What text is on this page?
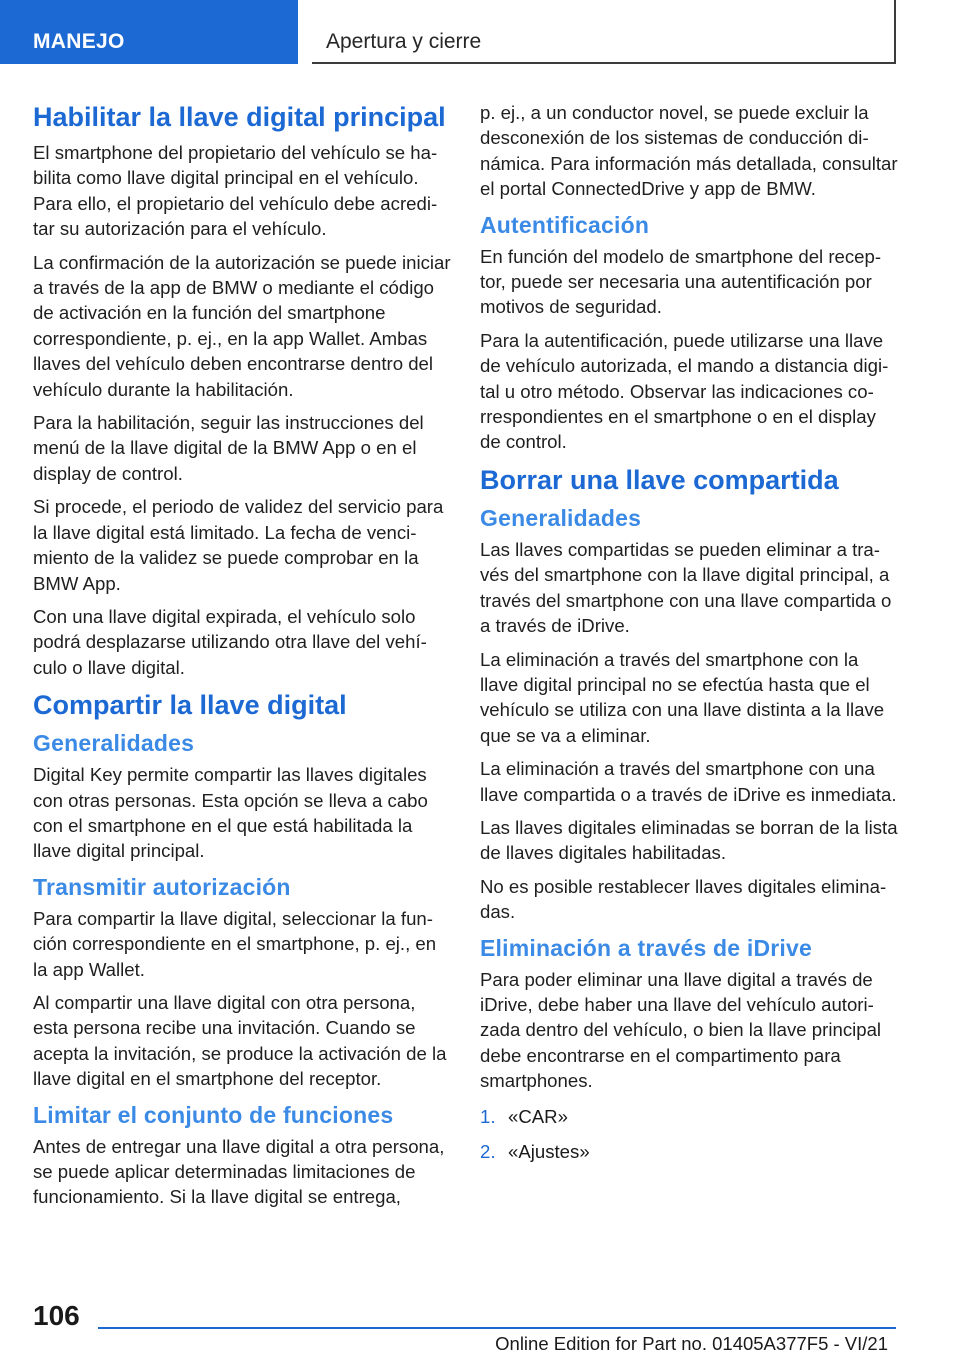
MANEJO	Apertura y cierre
Habilitar la llave digital principal

El smartphone del propietario del vehículo se habilita como llave digital principal en el vehículo. Para ello, el propietario del vehículo debe acreditar su autorización para el vehículo.

La confirmación de la autorización se puede iniciar a través de la app de BMW o mediante el código de activación en la función del smartphone correspondiente, p. ej., en la app Wallet. Ambas llaves del vehículo deben encontrarse dentro del vehículo durante la habilitación.

Para la habilitación, seguir las instrucciones del menú de la llave digital de la BMW App o en el display de control.

Si procede, el periodo de validez del servicio para la llave digital está limitado. La fecha de vencimiento de la validez se puede comprobar en la BMW App.

Con una llave digital expirada, el vehículo solo podrá desplazarse utilizando otra llave del vehículo o llave digital.

Compartir la llave digital
Generalidades

Digital Key permite compartir las llaves digitales con otras personas. Esta opción se lleva a cabo con el smartphone en el que está habilitada la llave digital principal.

Transmitir autorización

Para compartir la llave digital, seleccionar la función correspondiente en el smartphone, p. ej., en la app Wallet.

Al compartir una llave digital con otra persona, esta persona recibe una invitación. Cuando se acepta la invitación, se produce la activación de la llave digital en el smartphone del receptor.

Limitar el conjunto de funciones

Antes de entregar una llave digital a otra persona, se puede aplicar determinadas limitaciones de funcionamiento. Si la llave digital se entrega,

p. ej., a un conductor novel, se puede excluir la desconexión de los sistemas de conducción dinámica. Para información más detallada, consultar el portal ConnectedDrive y app de BMW.

Autentificación

En función del modelo de smartphone del receptor, puede ser necesaria una autentificación por motivos de seguridad.

Para la autentificación, puede utilizarse una llave de vehículo autorizada, el mando a distancia digital u otro método. Observar las indicaciones correspondientes en el smartphone o en el display de control.

Borrar una llave compartida
Generalidades

Las llaves compartidas se pueden eliminar a través del smartphone con la llave digital principal, a través del smartphone con una llave compartida o a través de iDrive.

La eliminación a través del smartphone con la llave digital principal no se efectúa hasta que el vehículo se utiliza con una llave distinta a la llave que se va a eliminar.

La eliminación a través del smartphone con una llave compartida o a través de iDrive es inmediata.

Las llaves digitales eliminadas se borran de la lista de llaves digitales habilitadas.

No es posible restablecer llaves digitales eliminadas.

Eliminación a través de iDrive

Para poder eliminar una llave digital a través de iDrive, debe haber una llave del vehículo autorizada dentro del vehículo, o bien la llave principal debe encontrarse en el compartimento para smartphones.

1. «CAR»
2. «Ajustes»
106
Online Edition for Part no. 01405A377F5 - VI/21
